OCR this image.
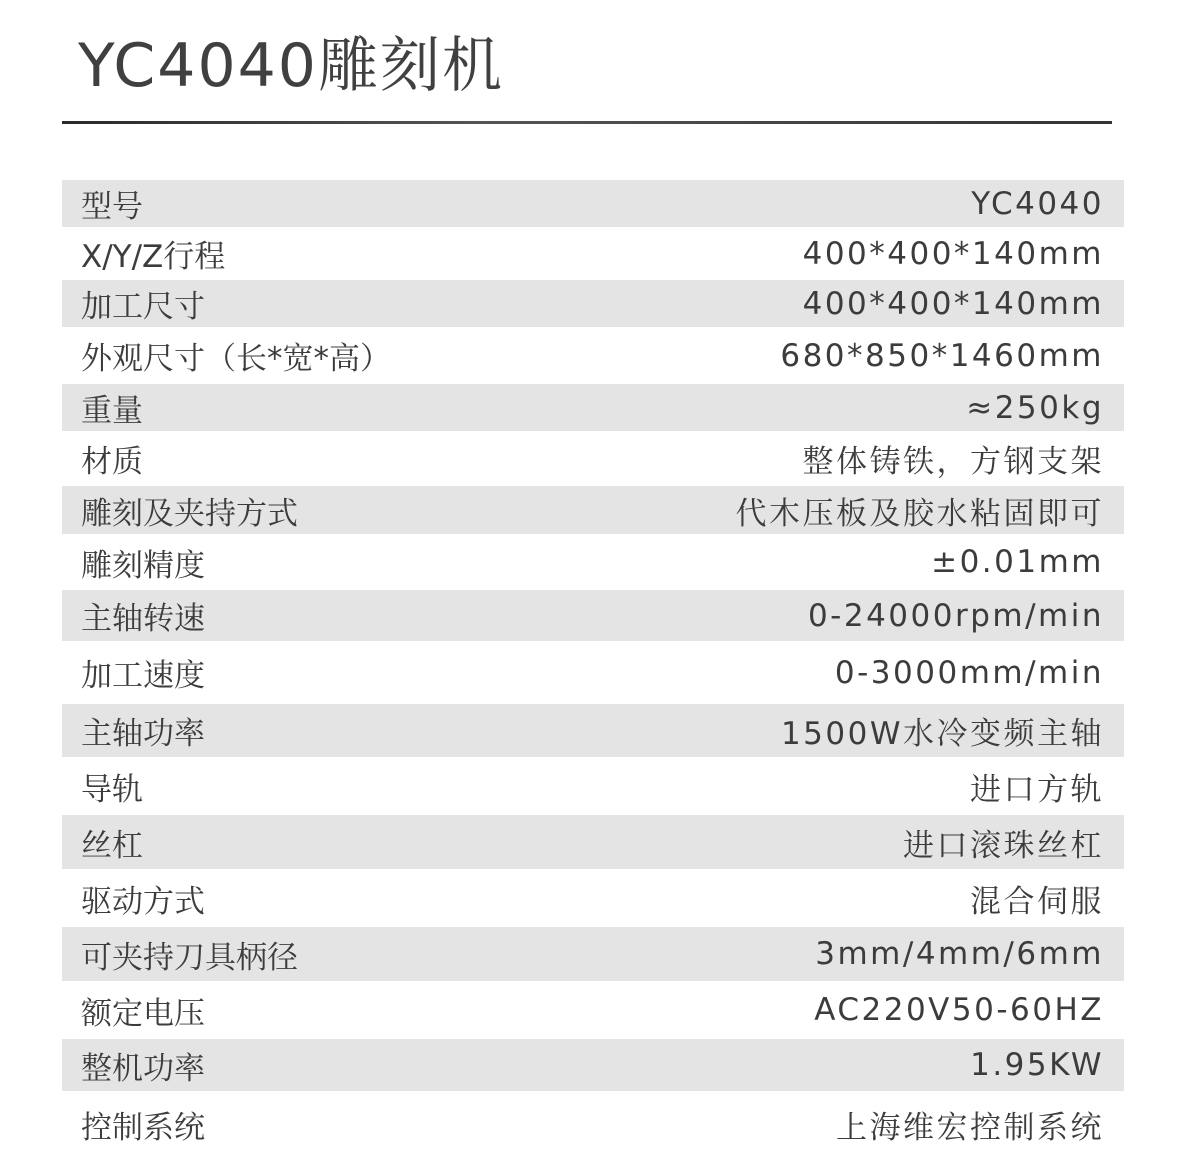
YC4040雕刻机
型号	YC4040
X/Y/Z行程	400*400*140mm
加工尺寸	400*400*140mm
外观尺寸（长*宽*高）	680*850*1460mm
重量	≈250kg
材质	整体铸铁，方钢支架
雕刻及夹持方式	代木压板及胶水粘固即可
雕刻精度	±0.01mm
主轴转速	0-24000rpm/min
加工速度	0-3000mm/min
主轴功率	1500W水冷变频主轴
导轨	进口方轨
丝杠	进口滚珠丝杠
驱动方式	混合伺服
可夹持刀具柄径	3mm/4mm/6mm
额定电压	AC220V50-60HZ
整机功率	1.95KW
控制系统	上海维宏控制系统
